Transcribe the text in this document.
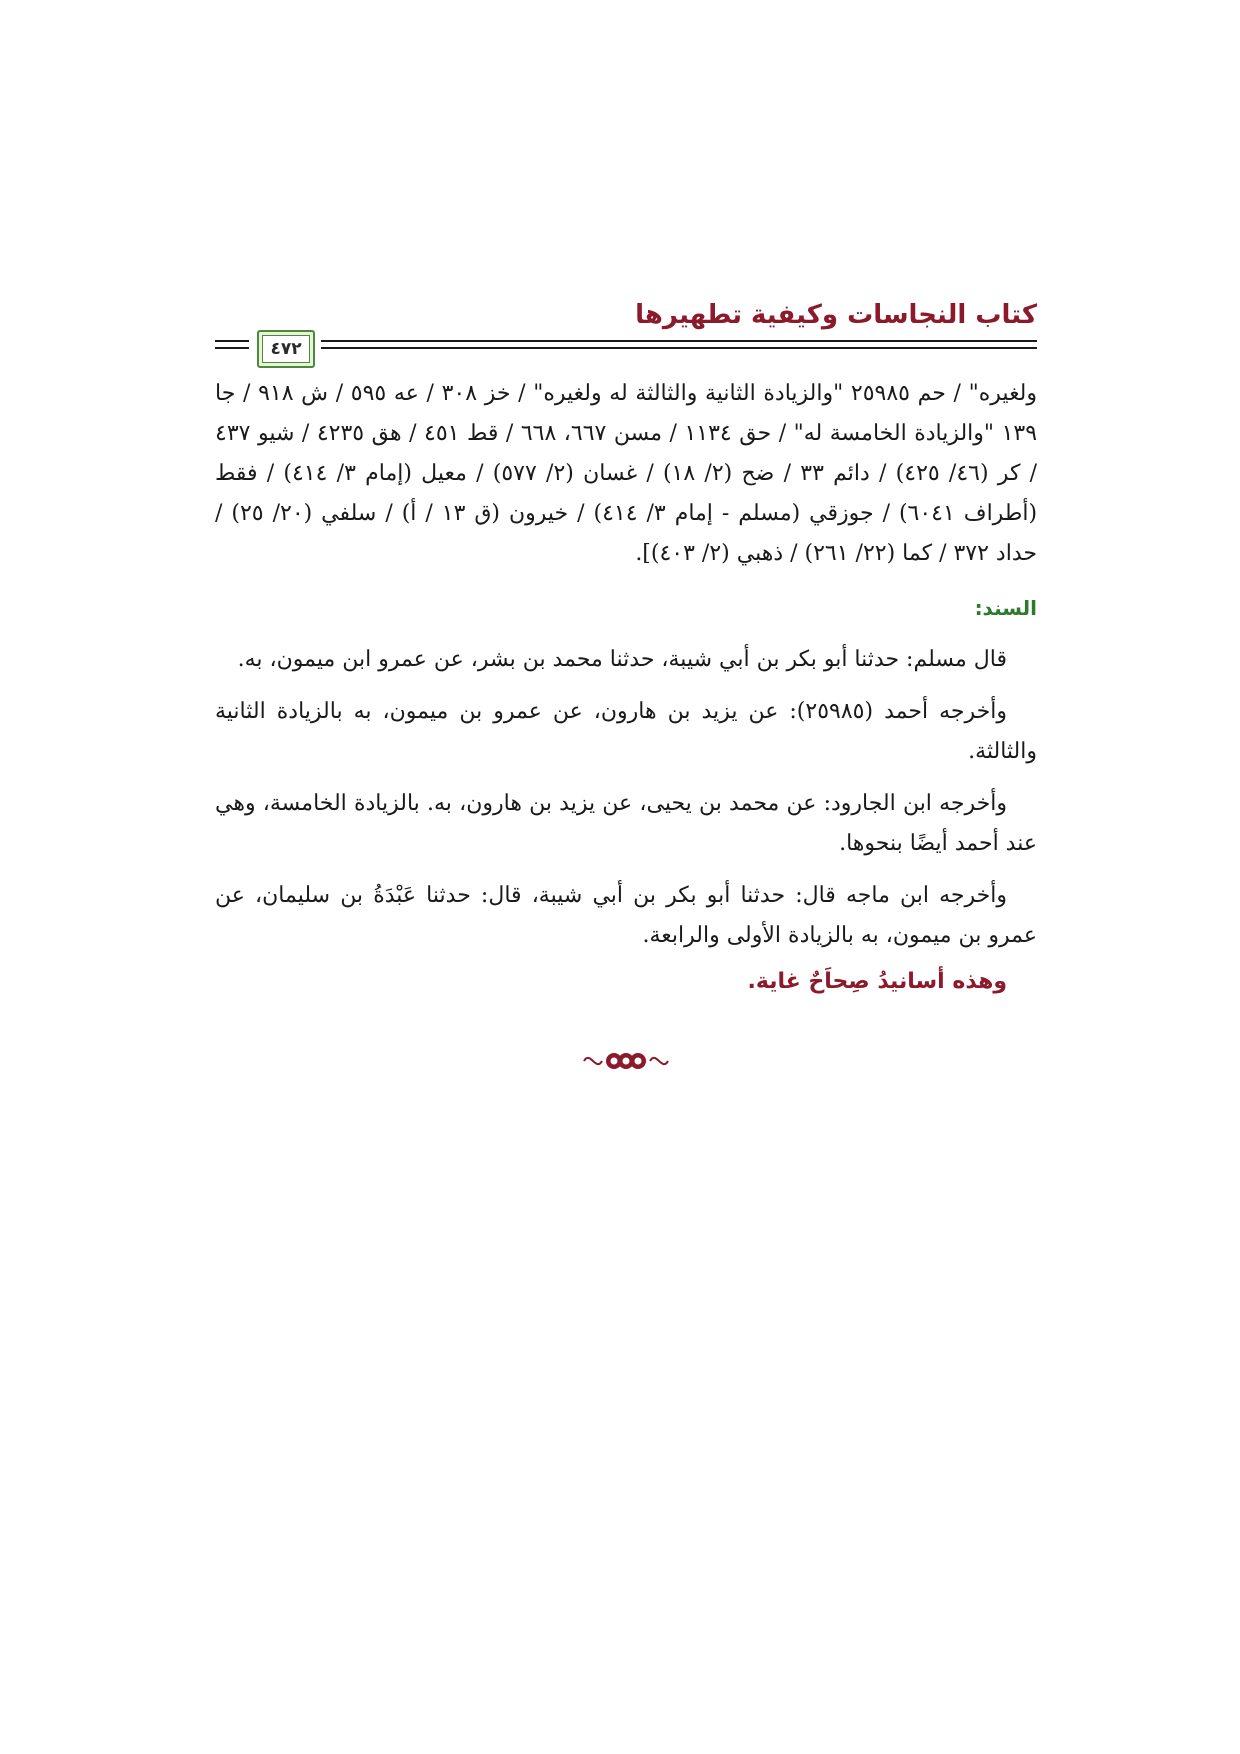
كتاب النجاسات وكيفية تطهيرها
٤٧٢
ولغيره" / حم ٢٥٩٨٥ "والزيادة الثانية والثالثة له ولغيره" / خز ٣٠٨ / عه ٥٩٥ / ش ٩١٨ / جا ١٣٩ "والزيادة الخامسة له" / حق ١١٣٤ / مسن ٦٦٧، ٦٦٨ / قط ٤٥١ / هق ٤٢٣٥ / شيو ٤٣٧ / كر (٤٦/ ٤٢٥) / دائم ٣٣ / ضح (٢/ ١٨) / غسان (٢/ ٥٧٧) / معيل (إمام ٣/ ٤١٤) / فقط (أطراف ٦٠٤١) / جوزقي (مسلم - إمام ٣/ ٤١٤) / خيرون (ق ١٣ / أ) / سلفي (٢٠/ ٢٥) / حداد ٣٧٢ / كما (٢٢/ ٢٦١) / ذهبي (٢/ ٤٠٣)].
السند:
قال مسلم: حدثنا أبو بكر بن أبي شيبة، حدثنا محمد بن بشر، عن عمرو ابن ميمون، به.
وأخرجه أحمد (٢٥٩٨٥): عن يزيد بن هارون، عن عمرو بن ميمون، به بالزيادة الثانية والثالثة.
وأخرجه ابن الجارود: عن محمد بن يحيى، عن يزيد بن هارون، به. بالزيادة الخامسة، وهي عند أحمد أيضًا بنحوها.
وأخرجه ابن ماجه قال: حدثنا أبو بكر بن أبي شيبة، قال: حدثنا عَبْدَةُ بن سليمان، عن عمرو بن ميمون، به بالزيادة الأولى والرابعة.
وهذه أسانيدُ صِحاَحٌ غاية.
